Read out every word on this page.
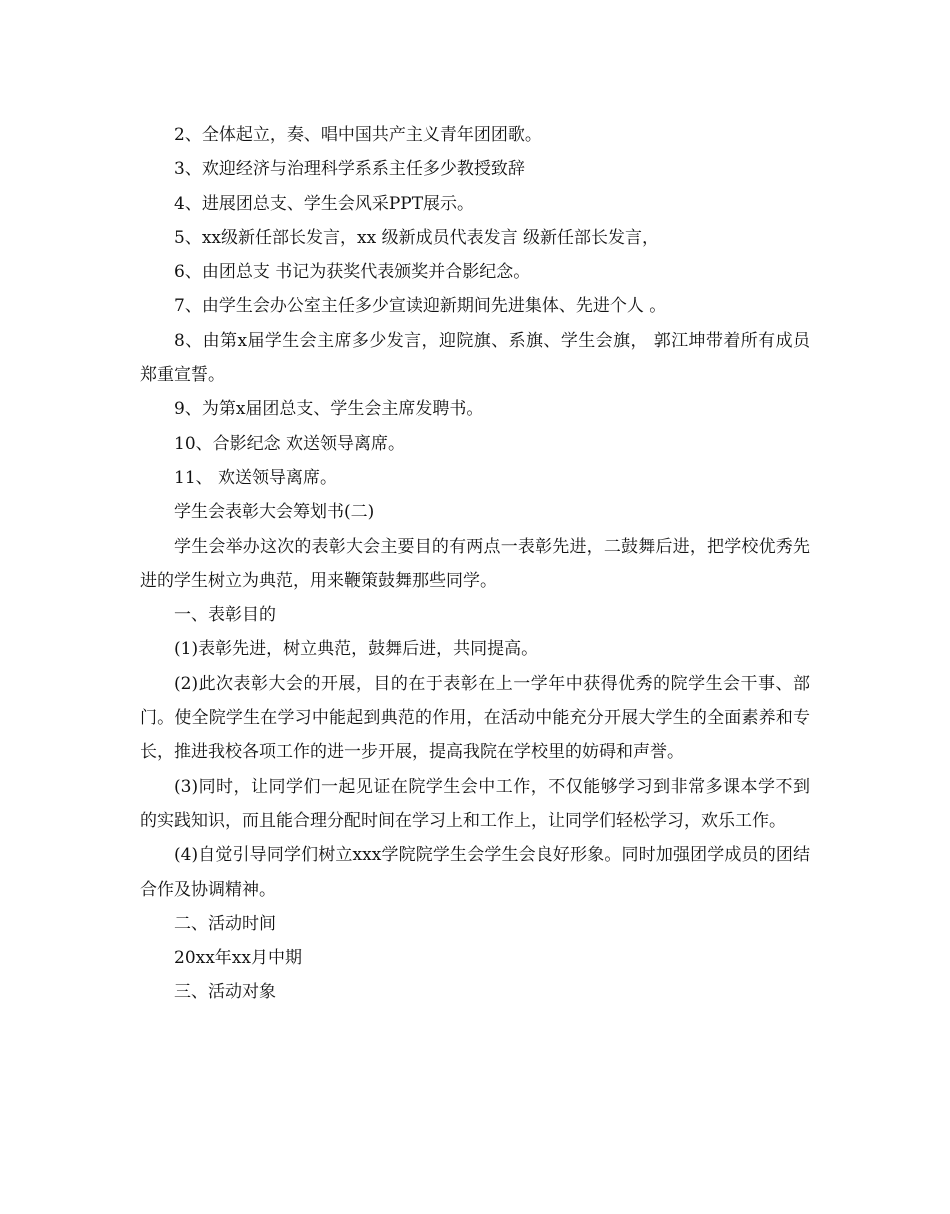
2、全体起立，奏、唱中国共产主义青年团团歌。

3、欢迎经济与治理科学系系主任多少教授致辞

4、进展团总支、学生会风采PPT展示。

5、xx级新任部长发言，xx 级新成员代表发言 级新任部长发言，

6、由团总支 书记为获奖代表颁奖并合影纪念。

7、由学生会办公室主任多少宣读迎新期间先进集体、先进个人 。

8、由第x届学生会主席多少发言，迎院旗、系旗、学生会旗， 郭江坤带着所有成员郑重宣誓。

9、为第x届团总支、学生会主席发聘书。

10、合影纪念 欢送领导离席。

11、 欢送领导离席。

学生会表彰大会筹划书(二)

学生会举办这次的表彰大会主要目的有两点一表彰先进，二鼓舞后进，把学校优秀先进的学生树立为典范，用来鞭策鼓舞那些同学。

一、表彰目的

(1)表彰先进，树立典范，鼓舞后进，共同提高。

(2)此次表彰大会的开展，目的在于表彰在上一学年中获得优秀的院学生会干事、部门。使全院学生在学习中能起到典范的作用，在活动中能充分开展大学生的全面素养和专长，推进我校各项工作的进一步开展，提高我院在学校里的妨碍和声誉。

(3)同时，让同学们一起见证在院学生会中工作，不仅能够学习到非常多课本学不到的实践知识，而且能合理分配时间在学习上和工作上，让同学们轻松学习，欢乐工作。

(4)自觉引导同学们树立xxx学院院学生会学生会良好形象。同时加强团学成员的团结合作及协调精神。

二、活动时间

20xx年xx月中期

三、活动对象
